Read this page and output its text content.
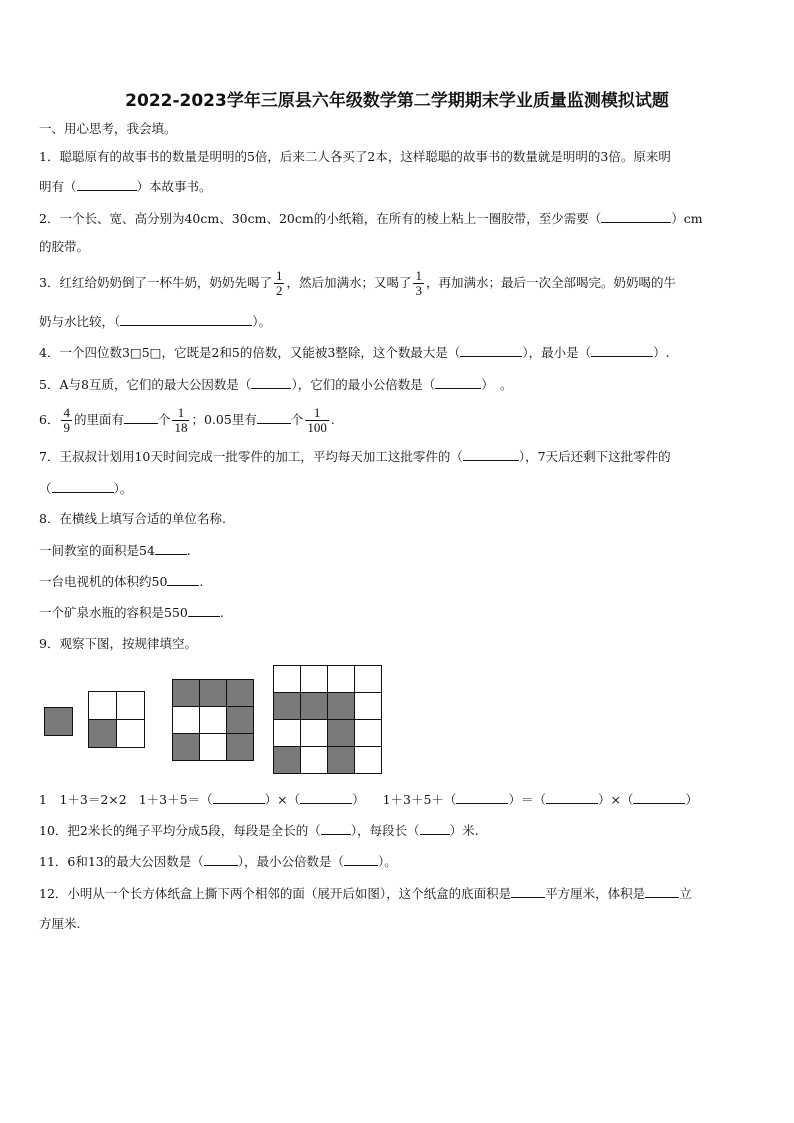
2022-2023学年三原县六年级数学第二学期期末学业质量监测模拟试题
一、用心思考，我会填。
1．聪聪原有的故事书的数量是明明的5倍，后来二人各买了2本，这样聪聪的故事书的数量就是明明的3倍。原来明
明有（	）本故事书。
2．一个长、宽、高分别为40cm、30cm、20cm的小纸箱，在所有的棱上粘上一圈胶带，至少需要（	）cm
的胶带。
3．红红给奶奶倒了一杯牛奶，奶奶先喝了 $\frac{1}{2}$ ，然后加满水；又喝了 $\frac{1}{3}$ ，再加满水；最后一次全部喝完。奶奶喝的牛
奶与水比较，（	）。
4．一个四位数3□5□，它既是2和5的倍数，又能被3整除，这个数最大是（	），最小是（	）.
5．A与8互质，它们的最大公因数是（	），它们的最小公倍数是（	）　。
6． $\frac{4}{9}$ 的里面有	个 $\frac{1}{18}$ ；0.05里有	个 $\frac{1}{100}$ .
7．王叔叔计划用10天时间完成一批零件的加工，平均每天加工这批零件的（	），7天后还剩下这批零件的
（	）。
8．在横线上填写合适的单位名称.
一间教室的面积是54	.
一台电视机的体积约50	.
一个矿泉水瓶的容积是550	.
9．观察下图，按规律填空。

1　1＋3＝2×2 1＋3＋5＝（	）×（	） 1＋3＋5＋（	）＝（	）×（	）
10．把2米长的绳子平均分成5段，每段是全长的（ ），每段长（ ）米.
11．6和13的最大公因数是（	），最小公倍数是（	）。
12．小明从一个长方体纸盒上撕下两个相邻的面（展开后如图），这个纸盒的底面积是	平方厘米，体积是	立
方厘米.
